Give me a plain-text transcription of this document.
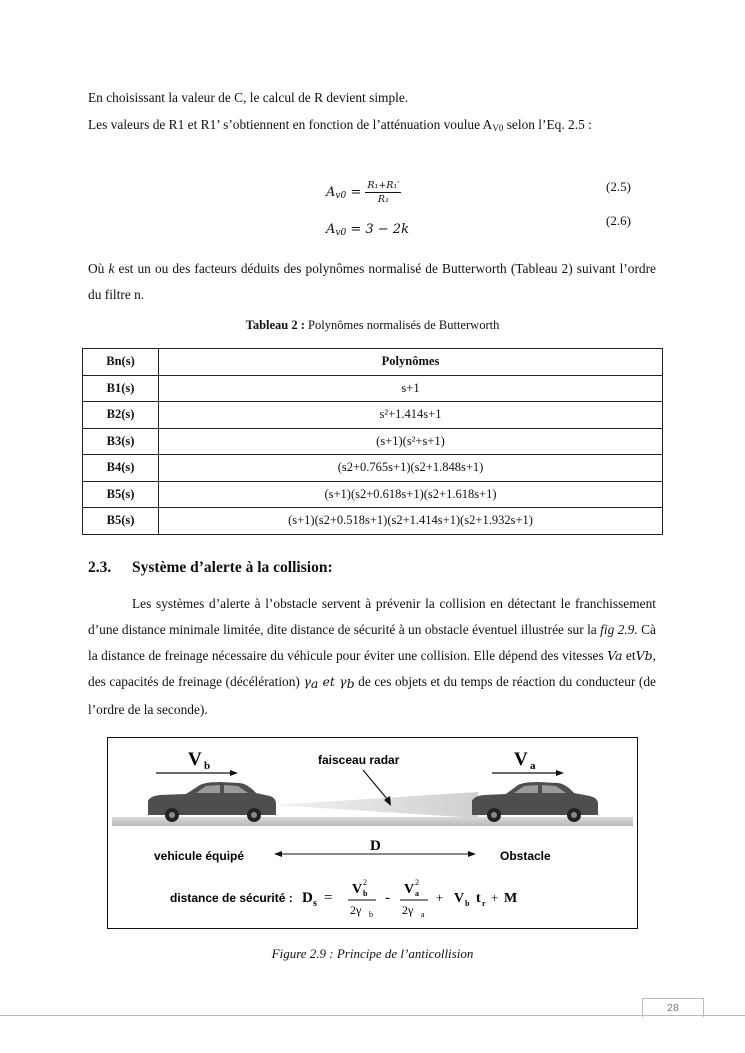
En choisissant la valeur de C, le calcul de R devient simple.
Les valeurs de R1 et R1’ s’obtiennent en fonction de l’atténuation voulue $A_{V0}$ selon l’Eq. 2.5 :
$A_{v0} = \frac{\text{R₁+R₁′}}{\text{R₁}}$	(2.5)
$A_{v0} = 3 - 2k$
(2.6)
Où k est un ou des facteurs déduits des polynômes normalisé de Butterworth (Tableau 2) suivant l’ordre du filtre n.
Tableau 2 : Polynômes normalisés de Butterworth
Bn(s)	Polynômes
B1(s)	s+1
B2(s)	s²+1.414s+1
B3(s)	(s+1)(s²+s+1)
B4(s)	(s2+0.765s+1)(s2+1.848s+1)
B5(s)	(s+1)(s2+0.618s+1)(s2+1.618s+1)
B5(s)	(s+1)(s2+0.518s+1)(s2+1.414s+1)(s2+1.932s+1)
2.3. Système d’alerte à la collision:
Les systèmes d’alerte à l’obstacle servent à prévenir la collision en détectant le franchissement d’une distance minimale limitée, dite distance de sécurité à un obstacle éventuel illustrée sur la fig 2.9. Cà la distance de freinage nécessaire du véhicule pour éviter une collision. Elle dépend des vitesses Va etVb, des capacités de freinage (décélération) $\gamma_a$ et $\gamma_b$ de ces objets et du temps de réaction du conducteur (de l’ordre de la seconde).
V b	V a
faisceau radar
D
vehicule équipé	Obstacle
distance de sécurité : D s =
V 2
b
2γ b
-
V 2
a
2γ a
+ V b t r + M
Figure 2.9 : Principe de l’anticollision
28
